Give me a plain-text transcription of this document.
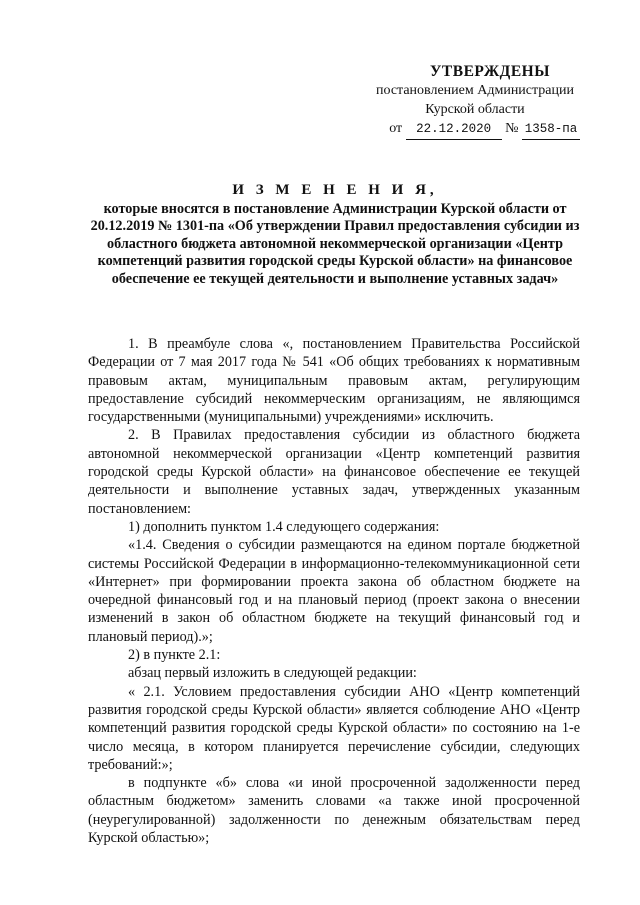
УТВЕРЖДЕНЫ
постановлением Администрации
Курской области
от 22.12.2020 № 1358-па
И З М Е Н Е Н И Я,
которые вносятся в постановление Администрации Курской области от 20.12.2019 № 1301-па «Об утверждении Правил предоставления субсидии из областного бюджета автономной некоммерческой организации «Центр компетенций развития городской среды Курской области» на финансовое обеспечение ее текущей деятельности и выполнение уставных задач»

1. В преамбуле слова «, постановлением Правительства Российской Федерации от 7 мая 2017 года № 541 «Об общих требованиях к нормативным правовым актам, муниципальным правовым актам, регулирующим предоставление субсидий некоммерческим организациям, не являющимся государственными (муниципальными) учреждениями» исключить.

2. В Правилах предоставления субсидии из областного бюджета автономной некоммерческой организации «Центр компетенций развития городской среды Курской области» на финансовое обеспечение ее текущей деятельности и выполнение уставных задач, утвержденных указанным постановлением:

1) дополнить пунктом 1.4 следующего содержания:

«1.4. Сведения о субсидии размещаются на едином портале бюджетной системы Российской Федерации в информационно-телекоммуникационной сети «Интернет» при формировании проекта закона об областном бюджете на очередной финансовый год и на плановый период (проект закона о внесении изменений в закон об областном бюджете на текущий финансовый год и плановый период).»;

2) в пункте 2.1:

абзац первый изложить в следующей редакции:

« 2.1. Условием предоставления субсидии АНО «Центр компетенций развития городской среды Курской области» является соблюдение АНО «Центр компетенций развития городской среды Курской области» по состоянию на 1-е число месяца, в котором планируется перечисление субсидии, следующих требований:»;

в подпункте «б» слова «и иной просроченной задолженности перед областным бюджетом» заменить словами «а также иной просроченной (неурегулированной) задолженности по денежным обязательствам перед Курской областью»;
